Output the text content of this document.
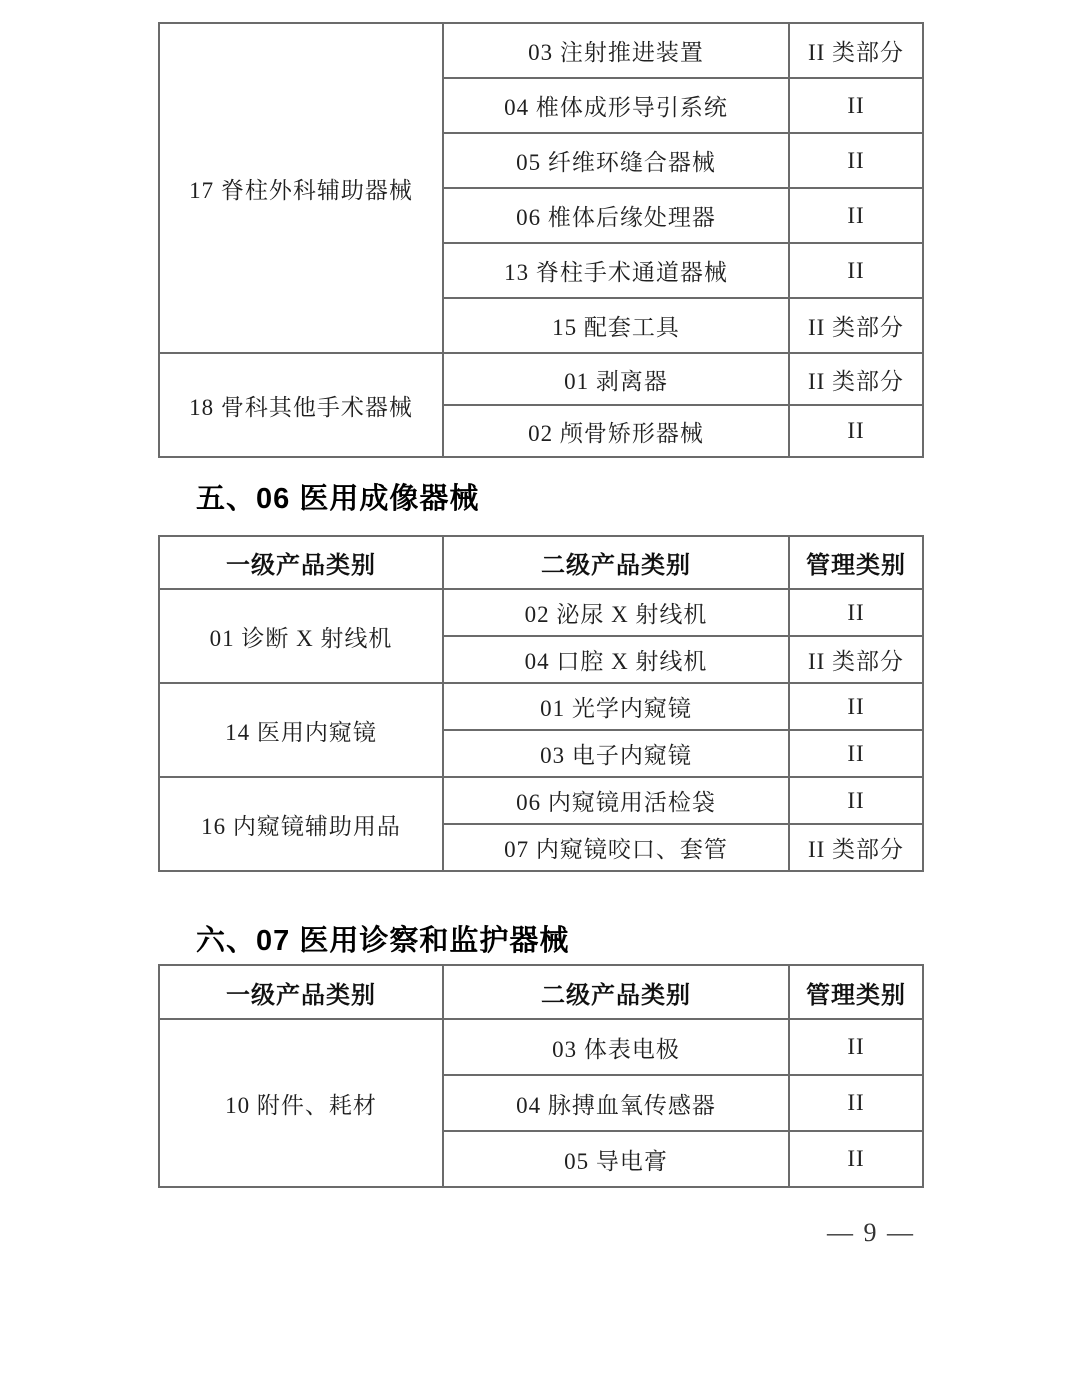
17 脊柱外科辅助器械	03 注射推进装置	II 类部分
	04 椎体成形导引系统	II
	05 纤维环缝合器械	II
	06 椎体后缘处理器	II
	13 脊柱手术通道器械	II
	15 配套工具	II 类部分
18 骨科其他手术器械	01 剥离器	II 类部分
	02 颅骨矫形器械	II
五、06 医用成像器械
一级产品类别	二级产品类别	管理类别
01 诊断 X 射线机	02 泌尿 X 射线机	II
	04 口腔 X 射线机	II 类部分
14 医用内窥镜	01 光学内窥镜	II
	03 电子内窥镜	II
16 内窥镜辅助用品	06 内窥镜用活检袋	II
	07 内窥镜咬口、套管	II 类部分
六、07 医用诊察和监护器械
一级产品类别	二级产品类别	管理类别
10 附件、耗材	03 体表电极	II
	04 脉搏血氧传感器	II
	05 导电膏	II
— 9 —
